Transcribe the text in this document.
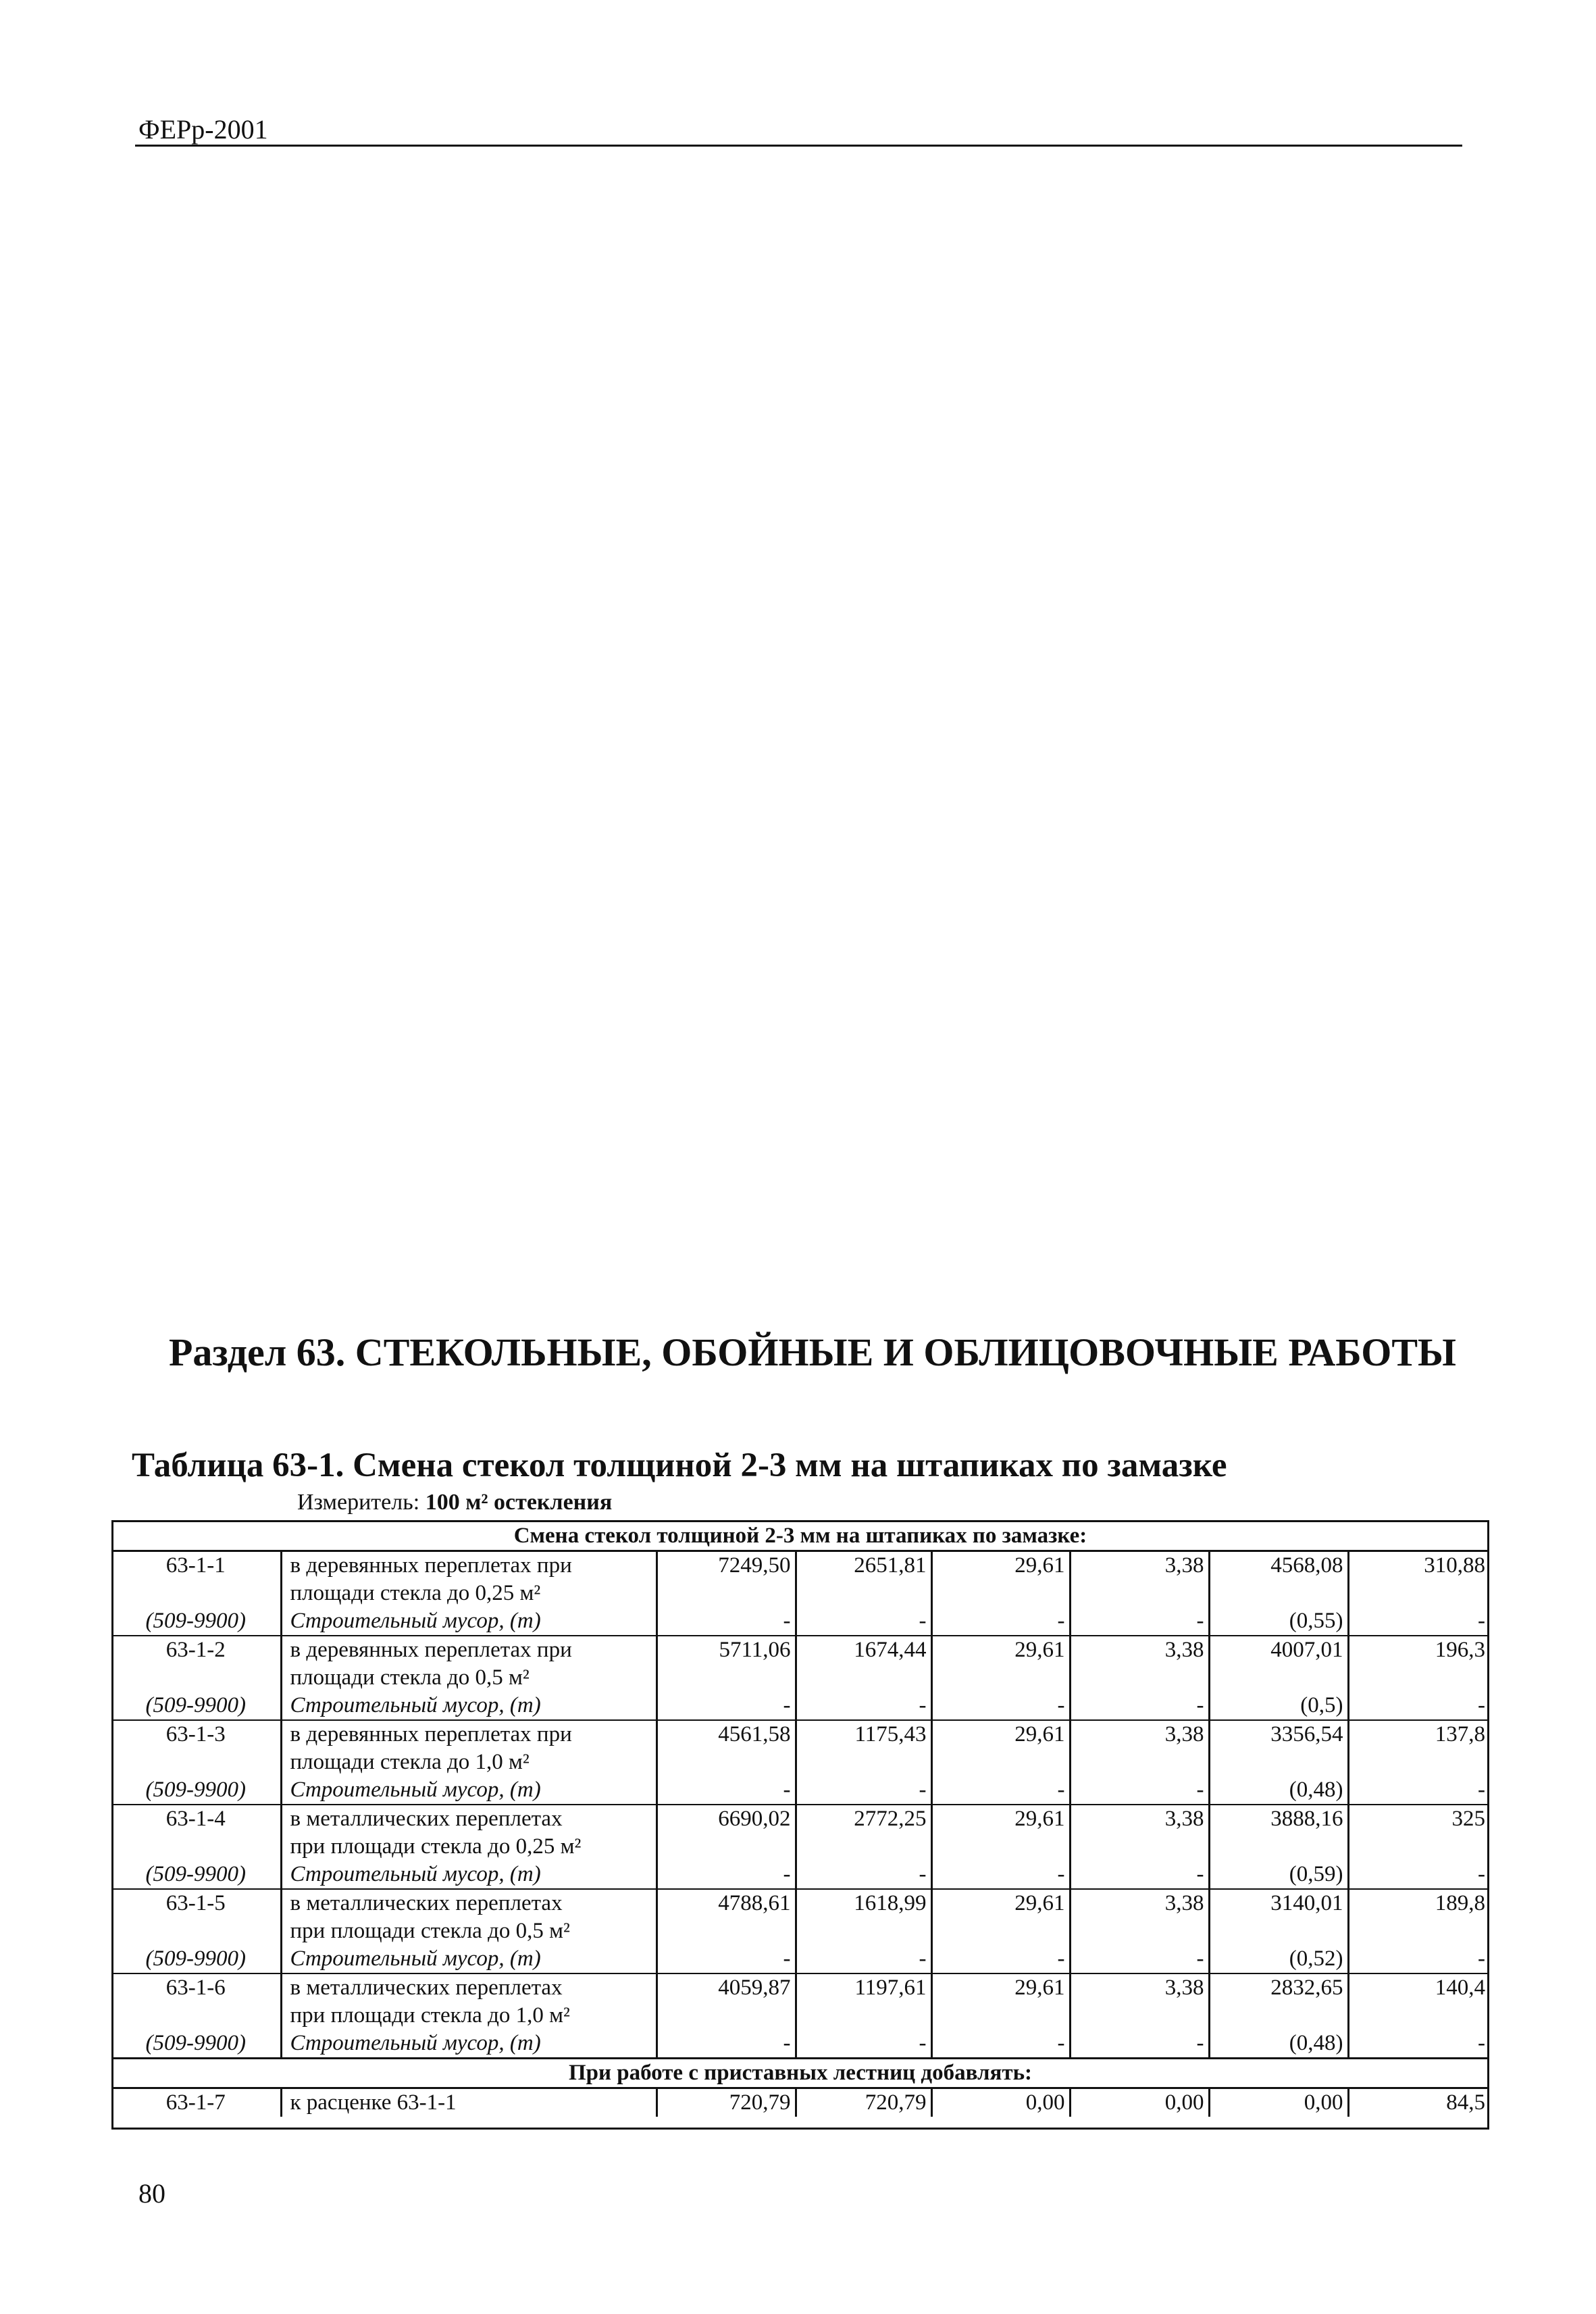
ФЕРр-2001
Раздел 63. СТЕКОЛЬНЫЕ, ОБОЙНЫЕ И ОБЛИЦОВОЧНЫЕ РАБОТЫ
Таблица 63-1. Смена стекол толщиной 2-3 мм на штапиках по замазке
Измеритель: 100 м² остекления
Смена стекол толщиной 2-3 мм на штапиках по замазке:							
63-1-1	в деревянных переплетах при	7249,50	2651,81	29,61	3,38	4568,08	310,88
	площади стекла до 0,25 м²						
(509-9900)	Строительный мусор, (т)	-	-	-	-	(0,55)	-
63-1-2	в деревянных переплетах при	5711,06	1674,44	29,61	3,38	4007,01	196,3
	площади стекла до 0,5 м²						
(509-9900)	Строительный мусор, (т)	-	-	-	-	(0,5)	-
63-1-3	в деревянных переплетах при	4561,58	1175,43	29,61	3,38	3356,54	137,8
	площади стекла до 1,0 м²						
(509-9900)	Строительный мусор, (т)	-	-	-	-	(0,48)	-
63-1-4	в металлических переплетах	6690,02	2772,25	29,61	3,38	3888,16	325
	при площади стекла до 0,25 м²						
(509-9900)	Строительный мусор, (т)	-	-	-	-	(0,59)	-
63-1-5	в металлических переплетах	4788,61	1618,99	29,61	3,38	3140,01	189,8
	при площади стекла до 0,5 м²						
(509-9900)	Строительный мусор, (т)	-	-	-	-	(0,52)	-
63-1-6	в металлических переплетах	4059,87	1197,61	29,61	3,38	2832,65	140,4
	при площади стекла до 1,0 м²						
(509-9900)	Строительный мусор, (т)	-	-	-	-	(0,48)	-
При работе с приставных лестниц добавлять:							
63-1-7	к расценке 63-1-1	720,79	720,79	0,00	0,00	0,00	84,5
80
